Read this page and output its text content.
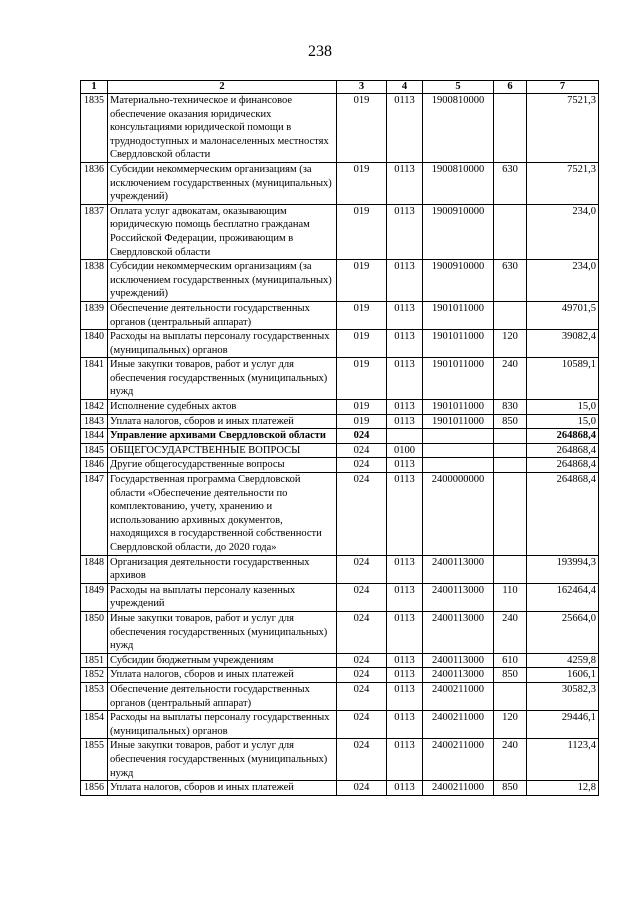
238
1	2	3	4	5	6	7
1835	Материально-техническое и финансовое обеспечение оказания юридических консультациями юридической помощи в труднодоступных и малонаселенных местностях Свердловской области	019	0113	1900810000		7521,3
1836	Субсидии некоммерческим организациям (за исключением государственных (муниципальных) учреждений)	019	0113	1900810000	630	7521,3
1837	Оплата услуг адвокатам, оказывающим юридическую помощь бесплатно гражданам Российской Федерации, проживающим в Свердловской области	019	0113	1900910000		234,0
1838	Субсидии некоммерческим организациям (за исключением государственных (муниципальных) учреждений)	019	0113	1900910000	630	234,0
1839	Обеспечение деятельности государственных органов (центральный аппарат)	019	0113	1901011000		49701,5
1840	Расходы на выплаты персоналу государственных (муниципальных) органов	019	0113	1901011000	120	39082,4
1841	Иные закупки товаров, работ и услуг для обеспечения государственных (муниципальных) нужд	019	0113	1901011000	240	10589,1
1842	Исполнение судебных актов	019	0113	1901011000	830	15,0
1843	Уплата налогов, сборов и иных платежей	019	0113	1901011000	850	15,0
1844	Управление архивами Свердловской области	024				264868,4
1845	ОБЩЕГОСУДАРСТВЕННЫЕ ВОПРОСЫ	024	0100			264868,4
1846	Другие общегосударственные вопросы	024	0113			264868,4
1847	Государственная программа Свердловской области «Обеспечение деятельности по комплектованию, учету, хранению и использованию архивных документов, находящихся в государственной собственности Свердловской области, до 2020 года»	024	0113	2400000000		264868,4
1848	Организация деятельности государственных архивов	024	0113	2400113000		193994,3
1849	Расходы на выплаты персоналу казенных учреждений	024	0113	2400113000	110	162464,4
1850	Иные закупки товаров, работ и услуг для обеспечения государственных (муниципальных) нужд	024	0113	2400113000	240	25664,0
1851	Субсидии бюджетным учреждениям	024	0113	2400113000	610	4259,8
1852	Уплата налогов, сборов и иных платежей	024	0113	2400113000	850	1606,1
1853	Обеспечение деятельности государственных органов (центральный аппарат)	024	0113	2400211000		30582,3
1854	Расходы на выплаты персоналу государственных (муниципальных) органов	024	0113	2400211000	120	29446,1
1855	Иные закупки товаров, работ и услуг для обеспечения государственных (муниципальных) нужд	024	0113	2400211000	240	1123,4
1856	Уплата налогов, сборов и иных платежей	024	0113	2400211000	850	12,8
